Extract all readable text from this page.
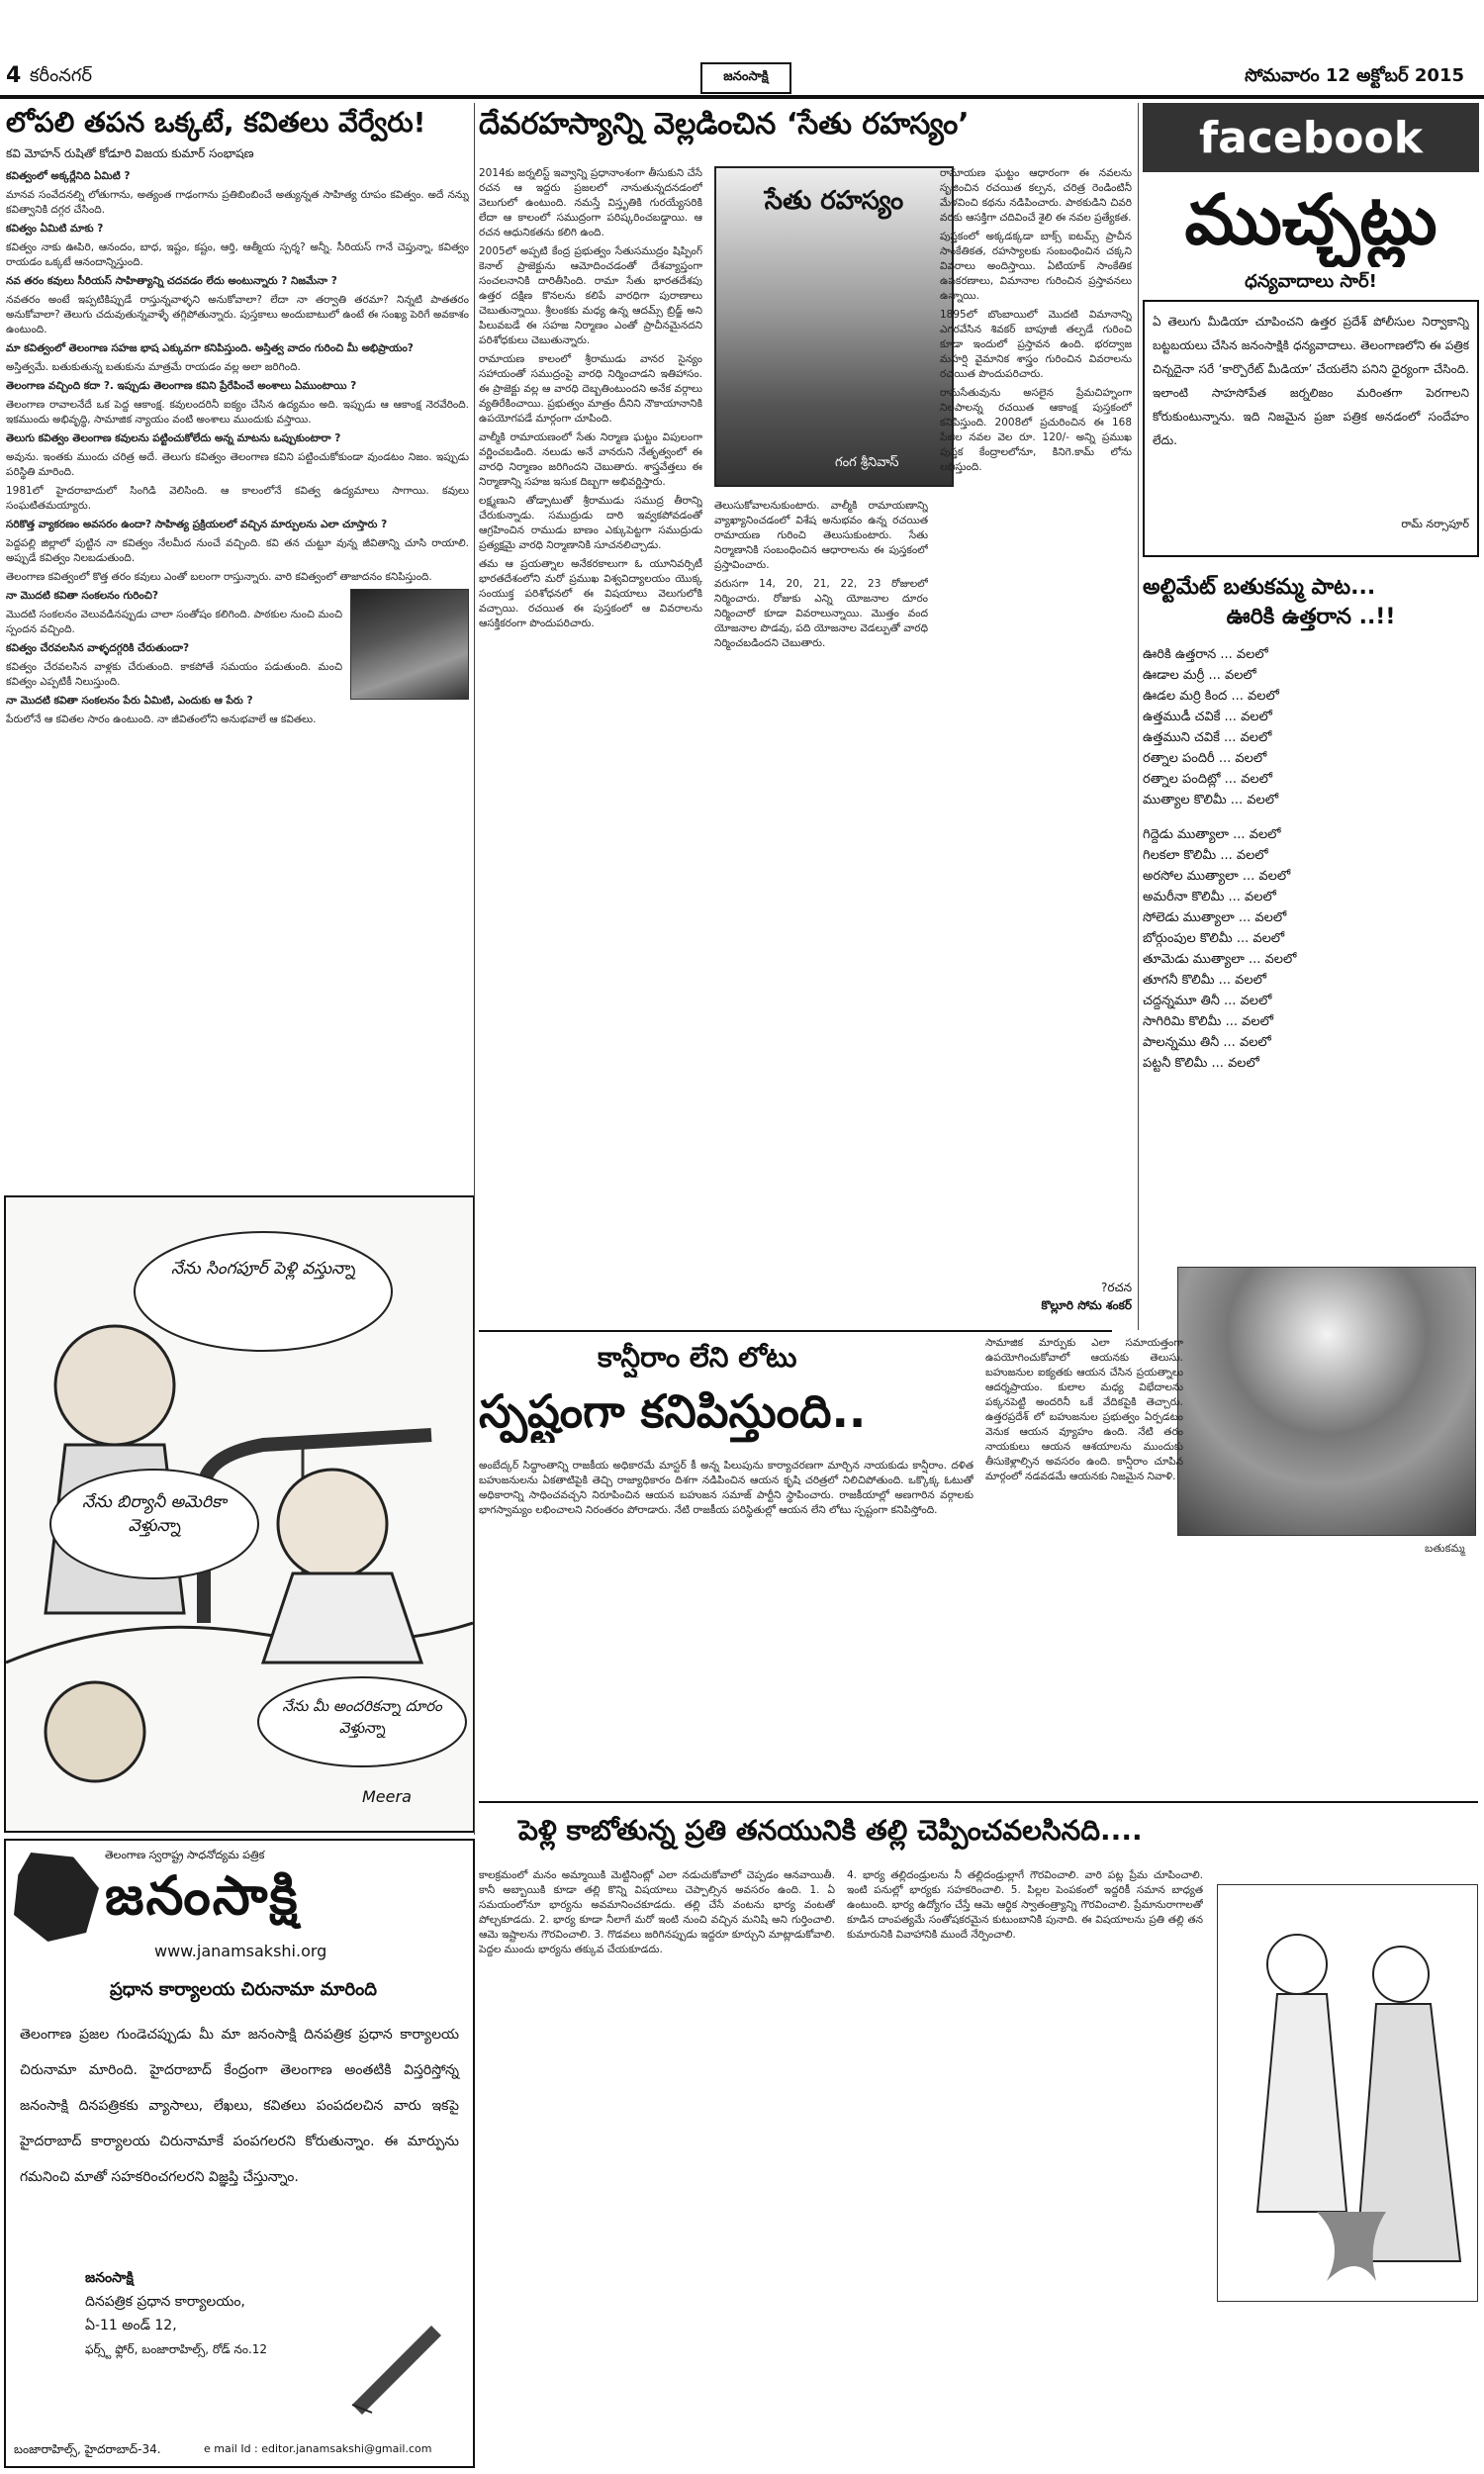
4 కరీంనగర్	జనంసాక్షి	సోమవారం 12 అక్టోబర్ 2015
లోపలి తపన ఒక్కటే, కవితలు వేర్వేరు!
కవి మోహన్ రుషితో కోడూరి విజయ కుమార్ సంభాషణ

కవిత్వంలో అక్కర్లేనిది ఏమిటి ?

మానవ సంవేదనల్ని లోతుగాను, అత్యంత గాఢంగాను ప్రతిబింబించే అత్యున్నత సాహిత్య రూపం కవిత్వం. అదే నన్ను కవిత్వానికి దగ్గర చేసింది.

కవిత్వం ఏమిటి మాకు ?

కవిత్వం నాకు ఊపిరి, ఆనందం, బాధ, ఇష్టం, కష్టం, ఆర్తి, ఆత్మీయ స్పర్శ? అన్నీ. సీరియస్ గానే చెప్తున్నా, కవిత్వం రాయడం ఒక్కటే ఆనందాన్నిస్తుంది.

నవ తరం కవులు సీరియస్ సాహిత్యాన్ని చదవడం లేదు అంటున్నారు ? నిజమేనా ?

నవతరం అంటే ఇప్పటికిప్పుడే రాస్తున్నవాళ్ళని అనుకోవాలా? లేదా నా తర్వాతి తరమా? నిన్నటి పాతతరం అనుకోవాలా? తెలుగు చదువుతున్నవాళ్ళే తగ్గిపోతున్నారు. పుస్తకాలు అందుబాటులో ఉంటే ఈ సంఖ్య పెరిగే అవకాశం ఉంటుంది.

మా కవిత్వంలో తెలంగాణ సహజ భాష ఎక్కువగా కనిపిస్తుంది. అస్తిత్వ వాదం గురించి మీ అభిప్రాయం?

అస్తిత్వమే. బతుకుతున్న బతుకును మాత్రమే రాయడం వల్ల అలా జరిగింది.

తెలంగాణ వచ్చింది కదా ?. ఇప్పుడు తెలంగాణ కవిని ప్రేరేపించే అంశాలు ఏముంటాయి ?

తెలంగాణ రావాలనేదే ఒక పెద్ద ఆకాంక్ష. కవులందరినీ ఐక్యం చేసిన ఉద్యమం అది. ఇప్పుడు ఆ ఆకాంక్ష నెరవేరింది. ఇకముందు అభివృద్ధి, సామాజిక న్యాయం వంటి అంశాలు ముందుకు వస్తాయి.

తెలుగు కవిత్వం తెలంగాణ కవులను పట్టించుకోలేదు అన్న మాటను ఒప్పుకుంటారా ?

అవును. ఇంతకు ముందు చరిత్ర అదే. తెలుగు కవిత్వం తెలంగాణ కవిని పట్టించుకోకుండా వుండటం నిజం. ఇప్పుడు పరిస్థితి మారింది.

1981లో హైదరాబాదులో సింగిడి వెలిసింది. ఆ కాలంలోనే కవిత్వ ఉద్యమాలు సాగాయి. కవులు సంఘటితమయ్యారు.

సరికొత్త వ్యాకరణం అవసరం ఉందా? సాహిత్య ప్రక్రియలలో వచ్చిన మార్పులను ఎలా చూస్తారు ?

పెద్దపల్లి జిల్లాలో పుట్టిన నా కవిత్వం నేలమీద నుంచే వచ్చింది. కవి తన చుట్టూ వున్న జీవితాన్ని చూసి రాయాలి. అప్పుడే కవిత్వం నిలబడుతుంది.

తెలంగాణ కవిత్వంలో కొత్త తరం కవులు ఎంతో బలంగా రాస్తున్నారు. వారి కవిత్వంలో తాజాదనం కనిపిస్తుంది.

నా మొదటి కవితా సంకలనం గురించి?

మొదటి సంకలనం వెలువడినప్పుడు చాలా సంతోషం కలిగింది. పాఠకుల నుంచి మంచి స్పందన వచ్చింది.

కవిత్వం చేరవలసిన వాళ్ళదగ్గరికి చేరుతుందా?

కవిత్వం చేరవలసిన వాళ్లకు చేరుతుంది. కాకపోతే సమయం పడుతుంది. మంచి కవిత్వం ఎప్పటికీ నిలుస్తుంది.

నా మొదటి కవితా సంకలనం పేరు ఏమిటి, ఎందుకు ఆ పేరు ?

పేరులోనే ఆ కవితల సారం ఉంటుంది. నా జీవితంలోని అనుభవాలే ఆ కవితలు.

నేను సింగపూర్ పెళ్లి వస్తున్నా
నేను బిర్యానీ అమెరికా వెళ్తున్నా
నేను మీ అందరికన్నా దూరం వెళ్తున్నా
Meera
తెలంగాణ స్వరాష్ట్ర సాధనోద్యమ పత్రిక
జనంసాక్షి
www.janamsakshi.org
ప్రధాన కార్యాలయ చిరునామా మారింది
తెలంగాణ ప్రజల గుండెచప్పుడు మీ మా జనంసాక్షి దినపత్రిక ప్రధాన కార్యాలయ చిరునామా మారింది. హైదరాబాద్ కేంద్రంగా తెలంగాణ అంతటికి విస్తరిస్తోన్న జనంసాక్షి దినపత్రికకు వ్యాసాలు, లేఖలు, కవితలు పంపదలచిన వారు ఇకపై హైదరాబాద్ కార్యాలయ చిరునామాకే పంపగలరని కోరుతున్నాం. ఈ మార్పును గమనించి మాతో సహకరించగలరని విజ్ఞప్తి చేస్తున్నాం.
జనంసాక్షి
దినపత్రిక ప్రధాన కార్యాలయం,
ఏ-11 అండ్ 12,
ఫర్స్ట్ ఫ్లోర్, బంజారాహిల్స్, రోడ్ నం.12
బంజారాహిల్స్, హైదరాబాద్-34.	e mail Id : editor.janamsakshi@gmail.com
దేవరహస్యాన్ని వెల్లడించిన ‘సేతు రహస్యం’
సేతు రహస్యం
గంగ శ్రీనివాస్

2014కు జర్నలిస్ట్ ఇవ్వాన్ని ప్రధానాంశంగా తీసుకుని చేసే రచన ఆ ఇద్దరు ప్రజలలో నానుతున్నదనడంలో వెలుగులో ఉంటుంది. నమస్తే విస్తృతికి గురయ్యేసరికి లేదా ఆ కాలంలో సముద్రంగా పరిష్కరించబడ్డాయి. ఆ రచన ఆధునికతను కలిగి ఉంది.

2005లో అప్పటి కేంద్ర ప్రభుత్వం సేతుసముద్రం షిప్పింగ్ కెనాల్ ప్రాజెక్టును ఆమోదించడంతో దేశవ్యాప్తంగా సంచలనానికి దారితీసింది. రామా సేతు భారతదేశపు ఉత్తర దక్షిణ కొనలను కలిపే వారధిగా పురాణాలు చెబుతున్నాయి. శ్రీలంకకు మధ్య ఉన్న ఆదమ్స్ బ్రిడ్జ్ అని పిలువబడే ఈ సహజ నిర్మాణం ఎంతో ప్రాచీనమైనదని పరిశోధకులు చెబుతున్నారు.

రామాయణ కాలంలో శ్రీరాముడు వానర సైన్యం సహాయంతో సముద్రంపై వారధి నిర్మించాడని ఇతిహాసం. ఈ ప్రాజెక్టు వల్ల ఆ వారధి దెబ్బతింటుందని అనేక వర్గాలు వ్యతిరేకించాయి. ప్రభుత్వం మాత్రం దీనిని నౌకాయానానికి ఉపయోగపడే మార్గంగా చూపింది.

వాల్మీకి రామాయణంలో సేతు నిర్మాణ ఘట్టం విపులంగా వర్ణించబడింది. నలుడు అనే వానరుని నేతృత్వంలో ఈ వారధి నిర్మాణం జరిగిందని చెబుతారు. శాస్త్రవేత్తలు ఈ నిర్మాణాన్ని సహజ ఇసుక దిబ్బగా అభివర్ణిస్తారు.

లక్ష్మణుని తోడ్పాటుతో శ్రీరాముడు సముద్ర తీరాన్ని చేరుకున్నాడు. సముద్రుడు దారి ఇవ్వకపోవడంతో ఆగ్రహించిన రాముడు బాణం ఎక్కుపెట్టగా సముద్రుడు ప్రత్యక్షమై వారధి నిర్మాణానికి సూచనలిచ్చాడు.

తమ ఆ ప్రయత్నాల అనేకరకాలుగా ఓ యూనివర్సిటీ భారతదేశంలోని మరో ప్రముఖ విశ్వవిద్యాలయం యొక్క సంయుక్త పరిశోధనలో ఈ విషయాలు వెలుగులోకి వచ్చాయి. రచయిత ఈ పుస్తకంలో ఆ వివరాలను ఆసక్తికరంగా పొందుపరిచారు.

తెలుసుకోవాలనుకుంటారు. వాల్మీకి రామాయణాన్ని వ్యాఖ్యానించడంలో విశేష అనుభవం ఉన్న రచయిత రామాయణ గురించి తెలుసుకుంటారు. సేతు నిర్మాణానికి సంబంధించిన ఆధారాలను ఈ పుస్తకంలో ప్రస్తావించారు.

వరుసగా 14, 20, 21, 22, 23 రోజులలో నిర్మించారు. రోజుకు ఎన్ని యోజనాల దూరం నిర్మించారో కూడా వివరాలున్నాయి. మొత్తం వంద యోజనాల పొడవు, పది యోజనాల వెడల్పుతో వారధి నిర్మించబడిందని చెబుతారు.

రామాయణ ఘట్టం ఆధారంగా ఈ నవలను సృజించిన రచయిత కల్పన, చరిత్ర రెండింటినీ మేళవించి కథను నడిపించారు. పాఠకుడిని చివరి వరకు ఆసక్తిగా చదివించే శైలి ఈ నవల ప్రత్యేకత.

పుస్తకంలో అక్కడక్కడా బాక్స్ ఐటమ్స్ ప్రాచీన సాంకేతికత, రహస్యాలకు సంబంధించిన చక్కని వివరాలు అందిస్తాయి. ఏటియాక్ సాంకేతిక ఉపకరణాలు, విమానాల గురించిన ప్రస్తావనలు ఉన్నాయి.

1895లో బొంబాయిలో మొదటి విమానాన్ని ఎగరవేసిన శివకర్ బాపూజీ తల్పడే గురించి కూడా ఇందులో ప్రస్తావన ఉంది. భరద్వాజ మహర్షి వైమానిక శాస్త్రం గురించిన వివరాలను రచయిత పొందుపరిచారు.

రామసేతువును అసలైన ప్రేమచిహ్నంగా నిలపాలన్న రచయిత ఆకాంక్ష పుస్తకంలో కనిపిస్తుంది. 2008లో ప్రచురించిన ఈ 168 పేజీల నవల వెల రూ. 120/- అన్ని ప్రముఖ పుస్తక కేంద్రాలలోనూ, కినిగె.కామ్ లోను లభిస్తుంది.

?రచన
కొల్లూరి సోమ శంకర్
facebook
ముచ్చట్లు
ధన్యవాదాలు సార్!
ఏ తెలుగు మీడియా చూపించని ఉత్తర ప్రదేశ్ పోలీసుల నిర్వాకాన్ని బట్టబయలు చేసిన జనంసాక్షికి ధన్యవాదాలు. తెలంగాణలోని ఈ పత్రిక చిన్నదైనా సరే ‘కార్పొరేట్ మీడియా’ చేయలేని పనిని ధైర్యంగా చేసింది. ఇలాంటి సాహసోపేత జర్నలిజం మరింతగా పెరగాలని కోరుకుంటున్నాను. ఇది నిజమైన ప్రజా పత్రిక అనడంలో సందేహం లేదు.
రామ్ నర్సాపూర్
అల్టిమేట్ బతుకమ్మ పాట...
ఊరికి ఉత్తరాన ..!!
ఊరికి ఉత్తరాన ... వలలో
ఊడాల మర్రీ ... వలలో
ఊడల మర్రి కింద ... వలలో
ఉత్తముడీ చవికే ... వలలో
ఉత్తముని చవికే ... వలలో
రత్నాల పందిరీ ... వలలో
రత్నాల పందిట్లో ... వలలో
ముత్యాల కొలిమీ ... వలలో
గిద్దెడు ముత్యాలా ... వలలో
గిలకలా కొలిమీ ... వలలో
అరసోల ముత్యాలా ... వలలో
అమరీనా కొలిమీ ... వలలో
సోలెడు ముత్యాలా ... వలలో
బోర్గుంపుల కొలిమీ ... వలలో
తూమెడు ముత్యాలా ... వలలో
తూగనీ కొలిమీ ... వలలో
చద్దన్నమూ తినీ ... వలలో
సాగిరిమి కొలిమీ ... వలలో
పాలన్నము తినీ ... వలలో
పట్టనీ కొలిమీ ... వలలో
బతుకమ్మ
కాన్షీరాం లేని లోటు
స్పష్టంగా కనిపిస్తుంది..
అంబేద్కర్ సిద్ధాంతాన్ని రాజకీయ అధికారమే మాస్టర్ కీ అన్న పిలుపును కార్యాచరణగా మార్చిన నాయకుడు కాన్షీరాం. దళిత బహుజనులను ఏకతాటిపైకి తెచ్చి రాజ్యాధికారం దిశగా నడిపించిన ఆయన కృషి చరిత్రలో నిలిచిపోతుంది. ఒక్కొక్క ఓటుతో అధికారాన్ని సాధించవచ్చని నిరూపించిన ఆయన బహుజన సమాజ్ పార్టీని స్థాపించారు. రాజకీయాల్లో అణగారిన వర్గాలకు భాగస్వామ్యం లభించాలని నిరంతరం పోరాడారు. నేటి రాజకీయ పరిస్థితుల్లో ఆయన లేని లోటు స్పష్టంగా కనిపిస్తోంది.
సామాజిక మార్పుకు ఎలా సమాయత్తంగా ఉపయోగించుకోవాలో ఆయనకు తెలుసు. బహుజనుల ఐక్యతకు ఆయన చేసిన ప్రయత్నాలు ఆదర్శప్రాయం. కులాల మధ్య విభేదాలను పక్కనపెట్టి అందరినీ ఒకే వేదికపైకి తెచ్చారు. ఉత్తరప్రదేశ్ లో బహుజనుల ప్రభుత్వం ఏర్పడటం వెనుక ఆయన వ్యూహం ఉంది. నేటి తరం నాయకులు ఆయన ఆశయాలను ముందుకు తీసుకెళ్లాల్సిన అవసరం ఉంది. కాన్షీరాం చూపిన మార్గంలో నడవడమే ఆయనకు నిజమైన నివాళి.
పెళ్లి కాబోతున్న ప్రతి తనయునికి తల్లి చెప్పించవలసినది....
కాలక్రమంలో మనం అమ్మాయికి మెట్టినింట్లో ఎలా నడుచుకోవాలో చెప్పడం ఆనవాయితీ. కానీ అబ్బాయికి కూడా తల్లి కొన్ని విషయాలు చెప్పాల్సిన అవసరం ఉంది. 1. ఏ సమయంలోనూ భార్యను అవమానించకూడదు. తల్లి చేసే వంటను భార్య వంటతో పోల్చకూడదు. 2. భార్య కూడా నీలాగే మరో ఇంటి నుంచి వచ్చిన మనిషి అని గుర్తించాలి. ఆమె ఇష్టాలను గౌరవించాలి. 3. గొడవలు జరిగినప్పుడు ఇద్దరూ కూర్చుని మాట్లాడుకోవాలి. పెద్దల ముందు భార్యను తక్కువ చేయకూడదు.
4. భార్య తల్లిదండ్రులను నీ తల్లిదండ్రుల్లాగే గౌరవించాలి. వారి పట్ల ప్రేమ చూపించాలి. ఇంటి పనుల్లో భార్యకు సహకరించాలి. 5. పిల్లల పెంపకంలో ఇద్దరికీ సమాన బాధ్యత ఉంటుంది. భార్య ఉద్యోగం చేస్తే ఆమె ఆర్థిక స్వాతంత్ర్యాన్ని గౌరవించాలి. ప్రేమానురాగాలతో కూడిన దాంపత్యమే సంతోషకరమైన కుటుంబానికి పునాది. ఈ విషయాలను ప్రతి తల్లి తన కుమారునికి వివాహానికి ముందే నేర్పించాలి.
